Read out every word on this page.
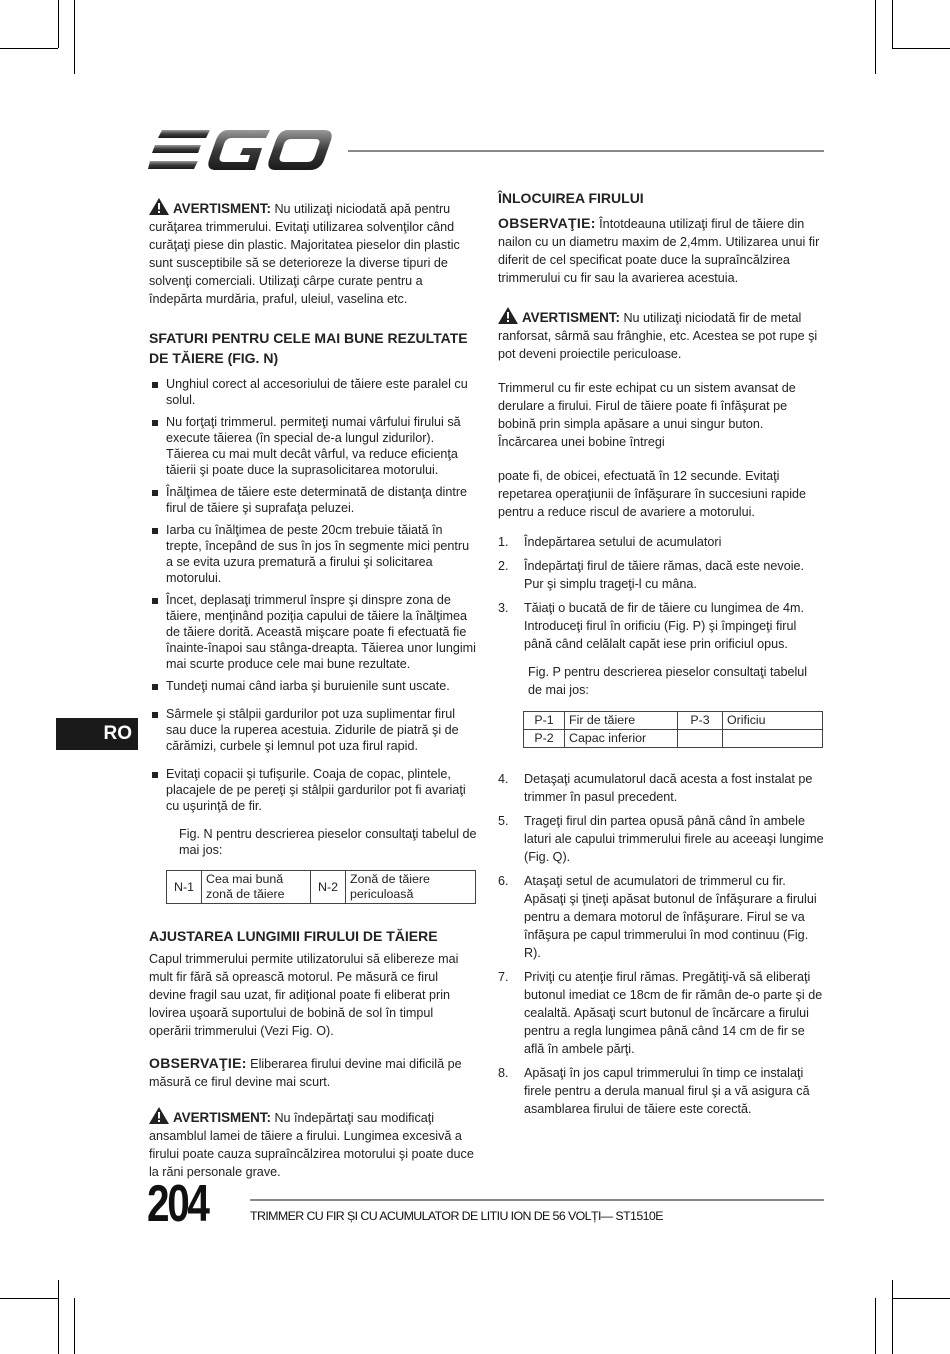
RO

AVERTISMENT: Nu utilizaţi niciodată apă pentru curăţarea trimmerului. Evitaţi utilizarea solvenţilor când curăţaţi piese din plastic. Majoritatea pieselor din plastic sunt susceptibile să se deterioreze la diverse tipuri de solvenţi comerciali. Utilizaţi cârpe curate pentru a îndepărta murdăria, praful, uleiul, vaselina etc.

SFATURI PENTRU CELE MAI BUNE REZULTATE DE TĂIERE (FIG. N)
Unghiul corect al accesoriului de tăiere este paralel cu solul.
Nu forţaţi trimmerul. permiteţi numai vârfului firului să execute tăierea (în special de-a lungul zidurilor). Tăierea cu mai mult decât vârful, va reduce eficienţa tăierii şi poate duce la suprasolicitarea motorului.
Înălţimea de tăiere este determinată de distanţa dintre firul de tăiere şi suprafaţa peluzei.
Iarba cu înălţimea de peste 20cm trebuie tăiată în trepte, începând de sus în jos în segmente mici pentru a se evita uzura prematură a firului şi solicitarea motorului.
Încet, deplasaţi trimmerul înspre şi dinspre zona de tăiere, menţinând poziţia capului de tăiere la înălţimea de tăiere dorită. Această mişcare poate fi efectuată fie înainte-înapoi sau stânga-dreapta. Tăierea unor lungimi mai scurte produce cele mai bune rezultate.
Tundeţi numai când iarba şi buruienile sunt uscate.
Sârmele şi stâlpii gardurilor pot uza suplimentar firul sau duce la ruperea acestuia. Zidurile de piatră şi de cărămizi, curbele şi lemnul pot uza firul rapid.
Evitaţi copacii şi tufişurile. Coaja de copac, plintele, placajele de pe pereţi şi stâlpii gardurilor pot fi avariaţi cu uşurinţă de fir.

Fig. N pentru descrierea pieselor consultaţi tabelul de mai jos:

N-1	Cea mai bună zonă de tăiere	N-2	Zonă de tăiere periculoasă
AJUSTAREA LUNGIMII FIRULUI DE TĂIERE

Capul trimmerului permite utilizatorului să elibereze mai mult fir fără să oprească motorul. Pe măsură ce firul devine fragil sau uzat, fir adiţional poate fi eliberat prin lovirea uşoară suportului de bobină de sol în timpul operării trimmerului (Vezi Fig. O).

OBSERVAŢIE: Eliberarea firului devine mai dificilă pe măsură ce firul devine mai scurt.

AVERTISMENT: Nu îndepărtaţi sau modificaţi ansamblul lamei de tăiere a firului. Lungimea excesivă a firului poate cauza supraîncălzirea motorului şi poate duce la răni personale grave.

ÎNLOCUIREA FIRULUI

OBSERVAŢIE: Întotdeauna utilizaţi firul de tăiere din nailon cu un diametru maxim de 2,4mm. Utilizarea unui fir diferit de cel specificat poate duce la supraîncălzirea trimmerului cu fir sau la avarierea acestuia.

AVERTISMENT: Nu utilizaţi niciodată fir de metal ranforsat, sârmă sau frânghie, etc. Acestea se pot rupe şi pot deveni proiectile periculoase.

Trimmerul cu fir este echipat cu un sistem avansat de derulare a firului. Firul de tăiere poate fi înfăşurat pe bobină prin simpla apăsare a unui singur buton. Încărcarea unei bobine întregi

poate fi, de obicei, efectuată în 12 secunde. Evitaţi repetarea operaţiunii de înfăşurare în succesiuni rapide pentru a reduce riscul de avariere a motorului.

1. Îndepărtarea setului de acumulatori
2. Îndepărtaţi firul de tăiere rămas, dacă este nevoie. Pur şi simplu trageţi-l cu mâna.
3. Tăiaţi o bucată de fir de tăiere cu lungimea de 4m. Introduceţi firul în orificiu (Fig. P) şi împingeţi firul până când celălalt capăt iese prin orificiul opus.

Fig. P pentru descrierea pieselor consultaţi tabelul de mai jos:

P-1	Fir de tăiere	P-3	Orificiu
P-2	Capac inferior		
4. Detaşaţi acumulatorul dacă acesta a fost instalat pe trimmer în pasul precedent.
5. Trageţi firul din partea opusă până când în ambele laturi ale capului trimmerului firele au aceeaşi lungime (Fig. Q).
6. Ataşaţi setul de acumulatori de trimmerul cu fir. Apăsaţi şi ţineţi apăsat butonul de înfăşurare a firului pentru a demara motorul de înfăşurare. Firul se va înfăşura pe capul trimmerului în mod continuu (Fig. R).
7. Priviţi cu atenţie firul rămas. Pregătiţi-vă să eliberaţi butonul imediat ce 18cm de fir rămân de-o parte şi de cealaltă. Apăsaţi scurt butonul de încărcare a firului pentru a regla lungimea până când 14 cm de fir se află în ambele părţi.
8. Apăsaţi în jos capul trimmerului în timp ce instalaţi firele pentru a derula manual firul şi a vă asigura că asamblarea firului de tăiere este corectă.
204	TRIMMER CU FIR ȘI CU ACUMULATOR DE LITIU ION DE 56 VOLȚI— ST1510E
